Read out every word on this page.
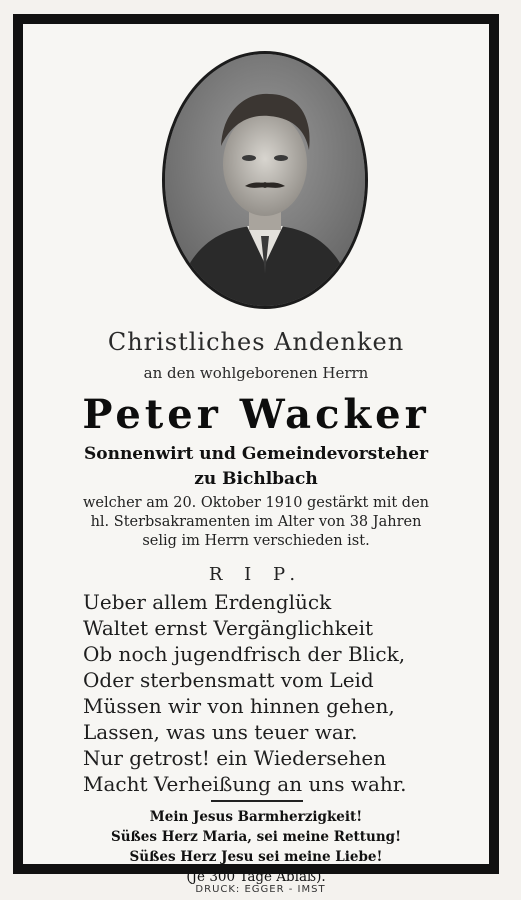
Christliches Andenken
an den wohlgeborenen Herrn
Peter Wacker
Sonnenwirt und Gemeindevorsteher
zu Bichlbach
welcher am 20. Oktober 1910 gestärkt mit den
hl. Sterbsakramenten im Alter von 38 Jahren
selig im Herrn verschieden ist.
R I P.
Ueber allem Erdenglück
Waltet ernst Vergänglichkeit
Ob noch jugendfrisch der Blick,
Oder sterbensmatt vom Leid
Müssen wir von hinnen gehen,
Lassen, was uns teuer war.
Nur getrost! ein Wiedersehen
Macht Verheißung an uns wahr.
Mein Jesus Barmherzigkeit!
Süßes Herz Maria, sei meine Rettung!
Süßes Herz Jesu sei meine Liebe!
(Je 300 Tage Ablaß).
DRUCK: EGGER - IMST
